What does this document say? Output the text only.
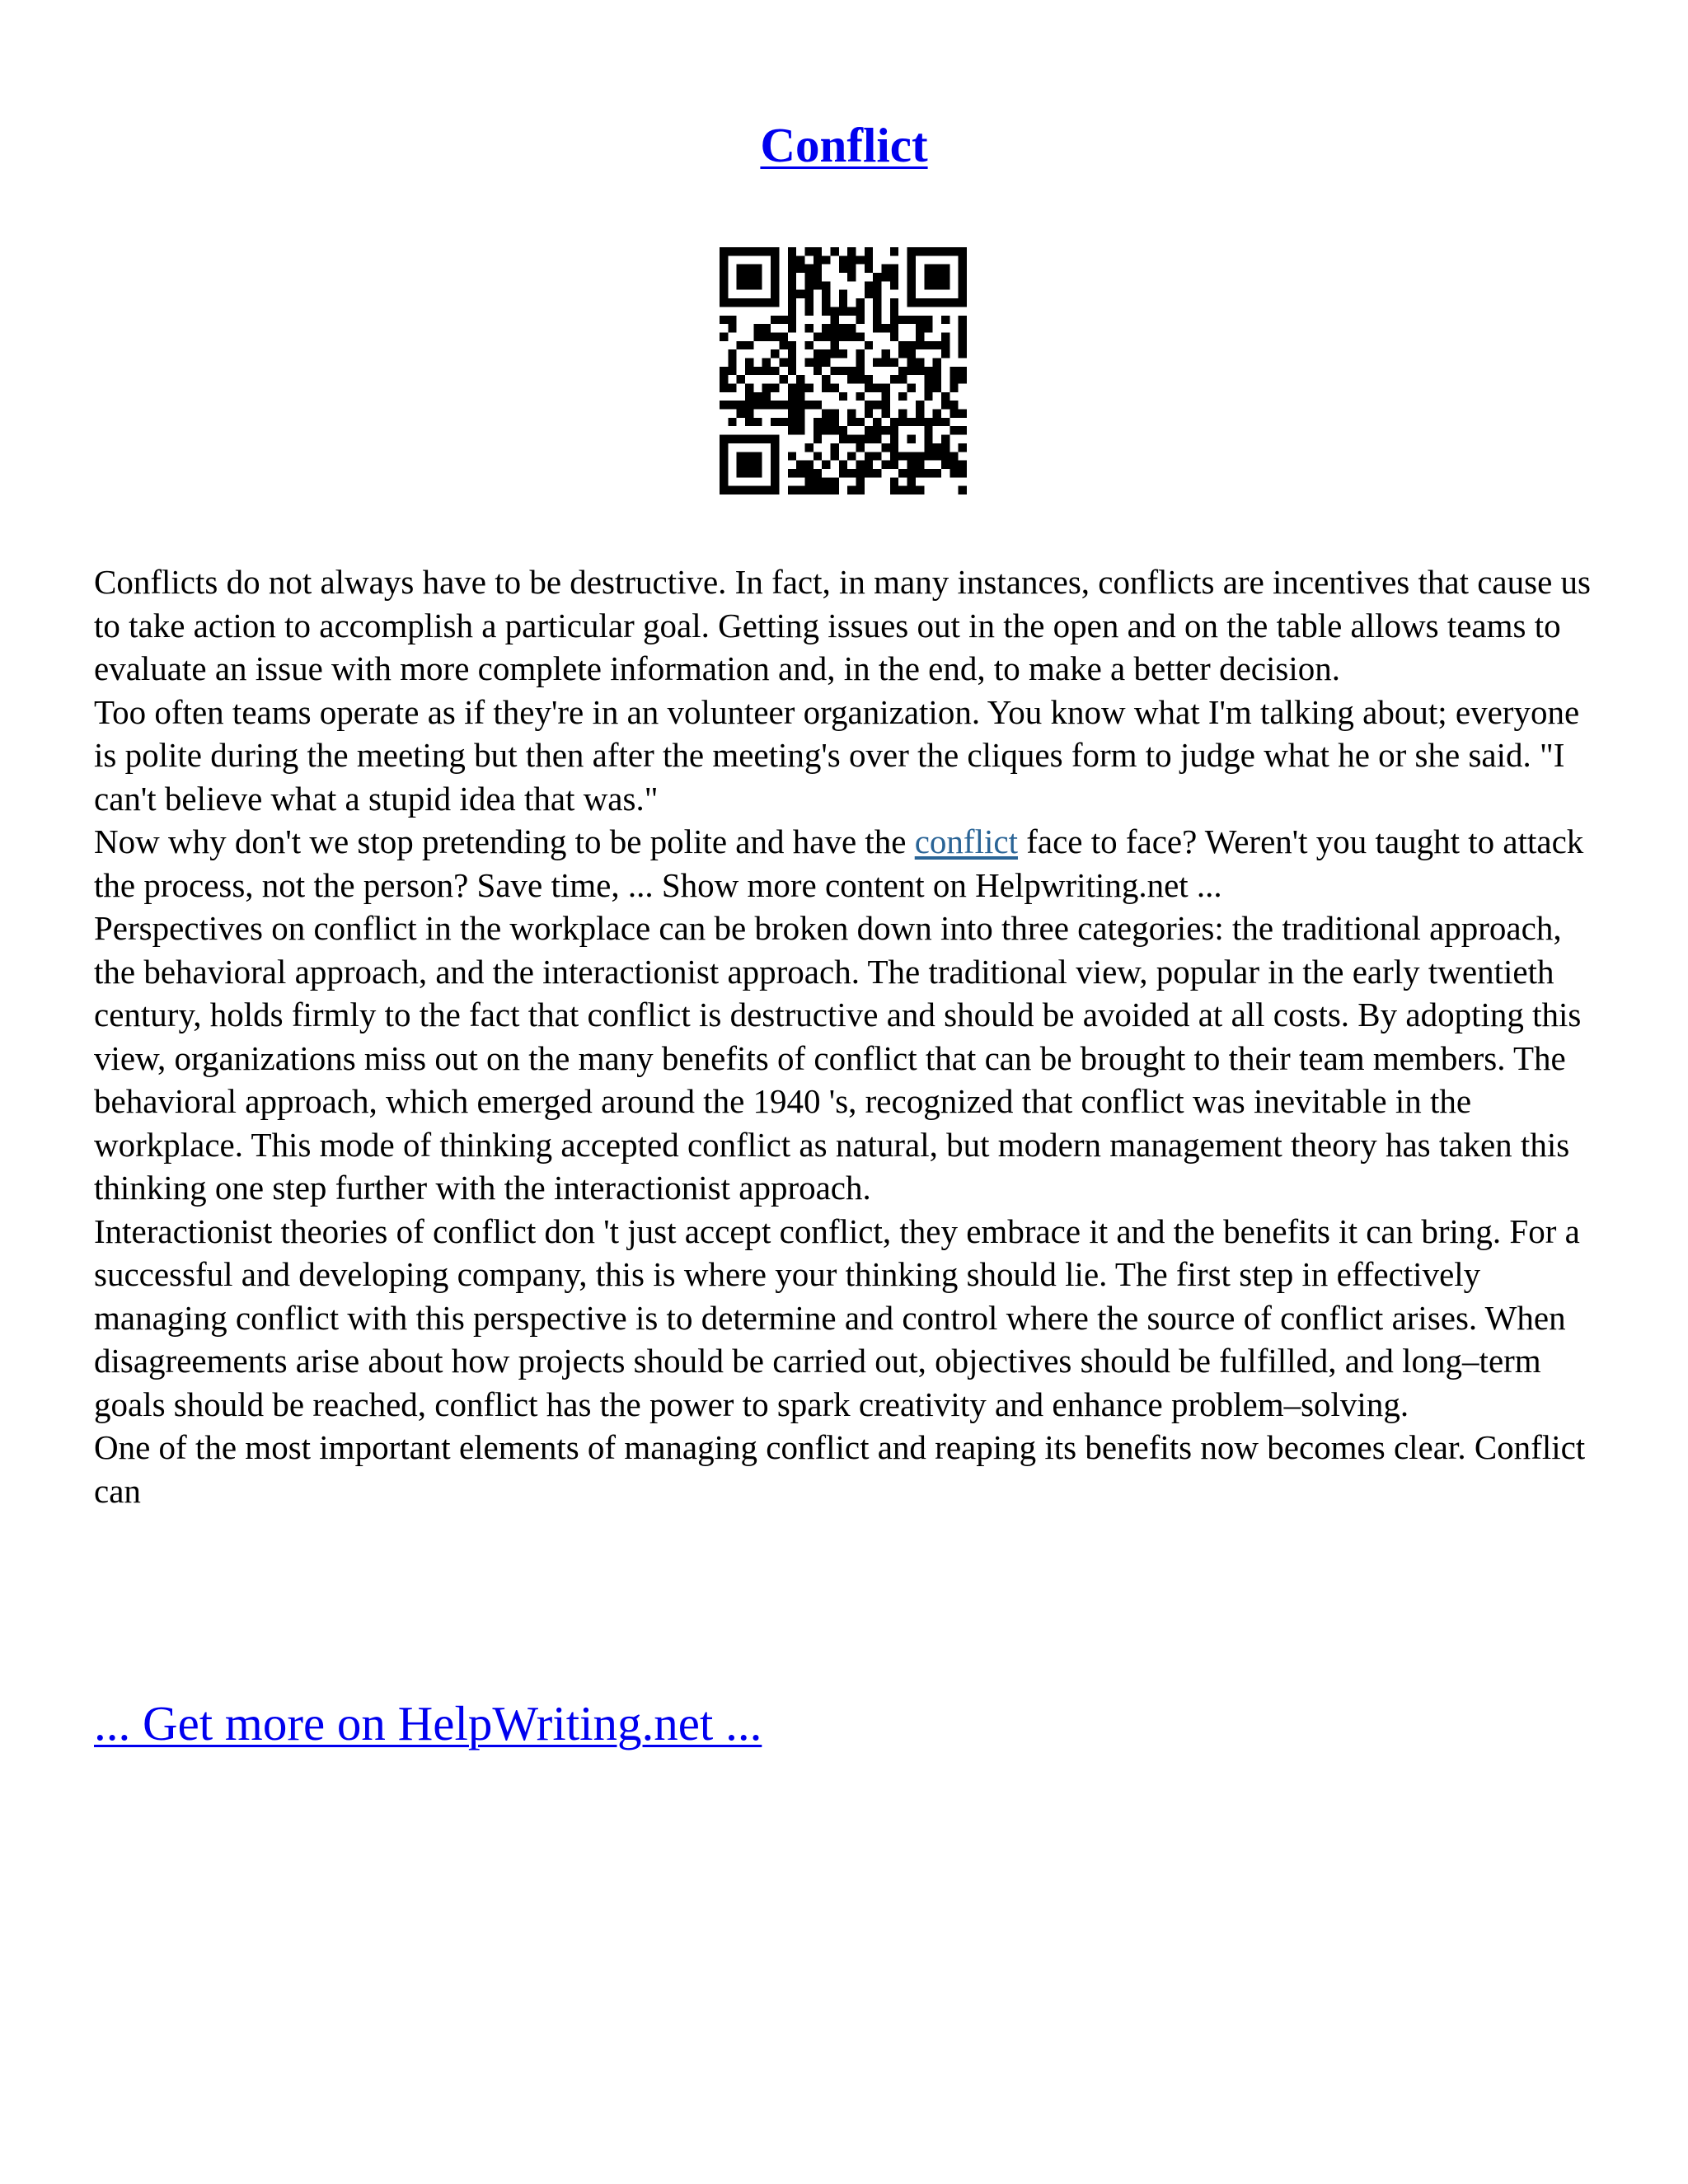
Conflict

Conflicts do not always have to be destructive. In fact, in many instances, conflicts are incentives that cause us to take action to accomplish a particular goal. Getting issues out in the open and on the table allows teams to evaluate an issue with more complete information and, in the end, to make a better decision.

Too often teams operate as if they're in an volunteer organization. You know what I'm talking about; everyone is polite during the meeting but then after the meeting's over the cliques form to judge what he or she said. "I can't believe what a stupid idea that was."

Now why don't we stop pretending to be polite and have the conflict face to face? Weren't you taught to attack the process, not the person? Save time, ... Show more content on Helpwriting.net ...

Perspectives on conflict in the workplace can be broken down into three categories: the traditional approach, the behavioral approach, and the interactionist approach. The traditional view, popular in the early twentieth century, holds firmly to the fact that conflict is destructive and should be avoided at all costs. By adopting this view, organizations miss out on the many benefits of conflict that can be brought to their team members. The behavioral approach, which emerged around the 1940 's, recognized that conflict was inevitable in the workplace. This mode of thinking accepted conflict as natural, but modern management theory has taken this thinking one step further with the interactionist approach.

Interactionist theories of conflict don 't just accept conflict, they embrace it and the benefits it can bring. For a successful and developing company, this is where your thinking should lie. The first step in effectively managing conflict with this perspective is to determine and control where the source of conflict arises. When disagreements arise about how projects should be carried out, objectives should be fulfilled, and long–term goals should be reached, conflict has the power to spark creativity and enhance problem–solving.

One of the most important elements of managing conflict and reaping its benefits now becomes clear. Conflict can

... Get more on HelpWriting.net ...
